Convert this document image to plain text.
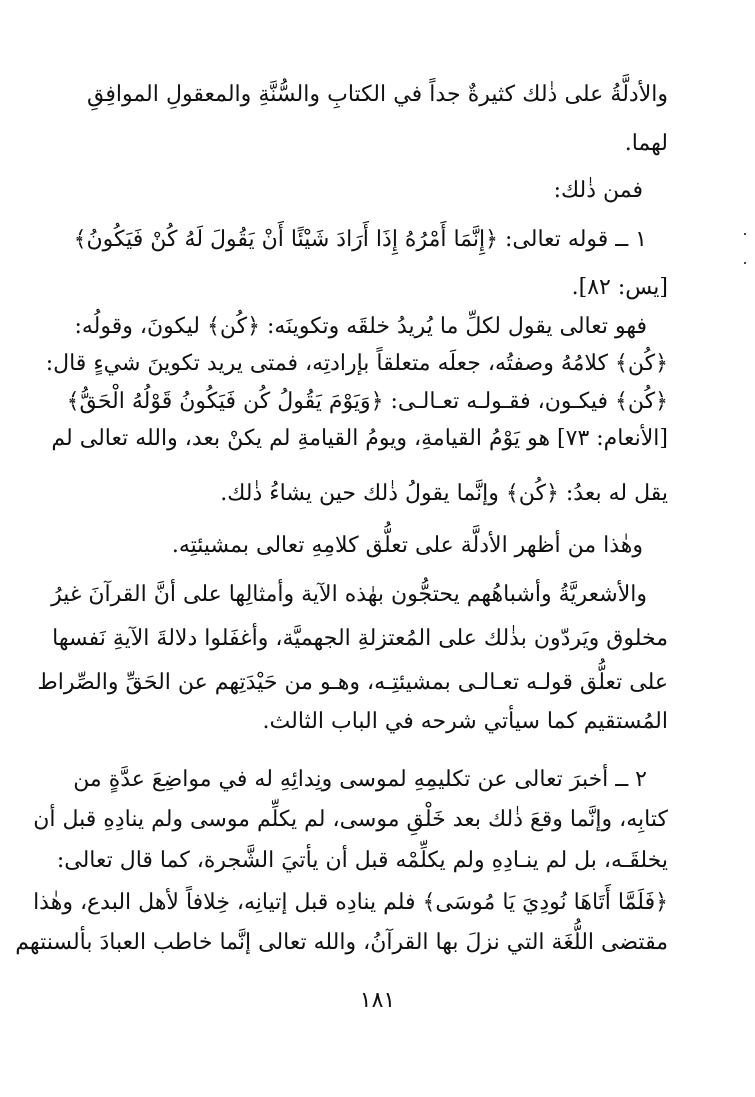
والأدلَّةُ على ذٰلك كثيرةٌ جداً في الكتابِ والسُّنَّةِ والمعقولِ الموافِقِ
لهما.
فمن ذٰلك:
١ ــ قوله تعالى: ﴿إِنَّمَا أَمْرُهُ إِذَا أَرَادَ شَيْئًا أَنْ يَقُولَ لَهُ كُنْ فَيَكُونُ﴾
[يس: ٨٢].
فهو تعالى يقول لكلِّ ما يُريدُ خلقَه وتكوينَه: ﴿كُن﴾ ليكونَ، وقولُه:
﴿كُن﴾ كلامُهُ وصفتُه، جعلَه متعلقاً بإرادتِه، فمتى يريد تكوينَ شيءٍ قال:
﴿كُن﴾ فيكـون، فقـولـه تعـالـى: ﴿وَيَوْمَ يَقُولُ كُن فَيَكُونُ قَوْلُهُ الْحَقُّ﴾
[الأنعام: ٧٣] هو يَوْمُ القيامةِ، ويومُ القيامةِ لم يكنْ بعد، والله تعالى لم
يقل له بعدُ: ﴿كُن﴾ وإنَّما يقولُ ذٰلك حين يشاءُ ذٰلك.
وهٰذا من أظهر الأدلَّة على تعلُّق كلامِهِ تعالى بمشيئتِه.
والأشعريَّةُ وأشباهُهم يحتجُّون بهٰذه الآية وأمثالِها على أنَّ القرآنَ غيرُ
مخلوق ويَردّون بذٰلك على المُعتزلةِ الجهميَّة، وأغفَلوا دلالةَ الآيةِ نَفسها
على تعلُّق قولـه تعـالـى بمشيئتِـه، وهـو من حَيْدَتِهم عن الحَقِّ والصِّراط
المُستقيم كما سيأتي شرحه في الباب الثالث.
٢ ــ أخبرَ تعالى عن تكليمِهِ لموسى ونِدائِهِ له في مواضِعَ عدَّةٍ من
كتابِه، وإنَّما وقعَ ذٰلك بعد خَلْقِ موسى، لم يكلِّم موسى ولم ينادِهِ قبل أن
يخلقَـه، بل لم ينـادِهِ ولم يكلِّمْه قبل أن يأتيَ الشَّجرة، كما قال تعالى:
﴿فَلَمَّا أَتَاهَا نُودِيَ يَا مُوسَى﴾ فلم ينادِه قبل إتيانِه، خِلافاً لأهل البدع، وهٰذا
مقتضى اللُّغَة التي نزلَ بها القرآنُ، والله تعالى إنَّما خاطب العبادَ بألسنتهم
١٨١
